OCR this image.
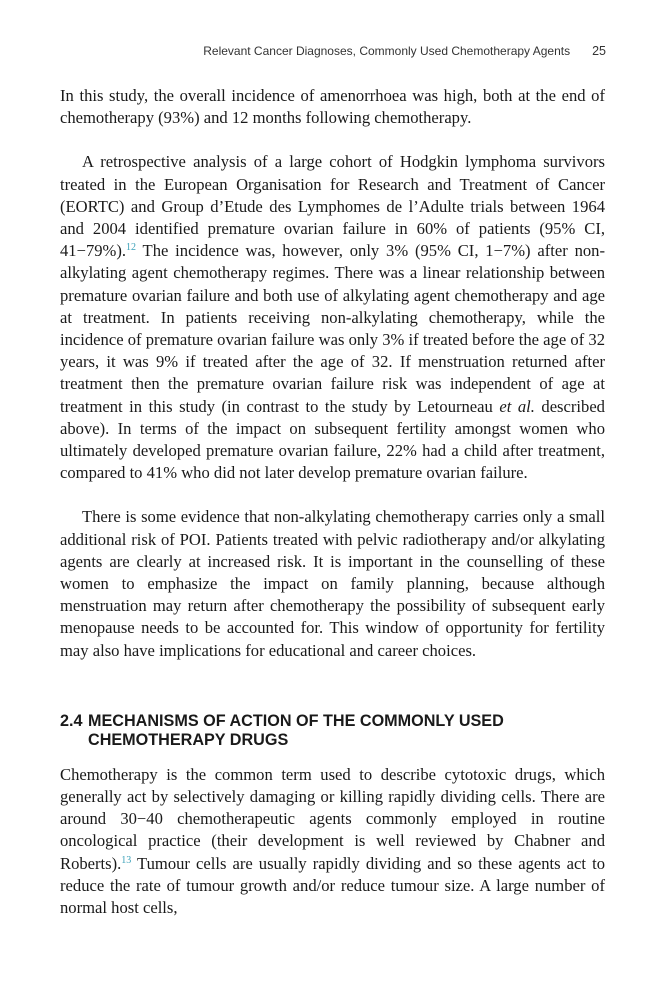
Relevant Cancer Diagnoses, Commonly Used Chemotherapy Agents 25

In this study, the overall incidence of amenorrhoea was high, both at the end of chemotherapy (93%) and 12 months following chemotherapy.

A retrospective analysis of a large cohort of Hodgkin lymphoma survivors treated in the European Organisation for Research and Treatment of Cancer (EORTC) and Group d’Etude des Lymphomes de l’Adulte trials between 1964 and 2004 identified premature ovarian failure in 60% of patients (95% CI, 41−79%).$^{12}$ The incidence was, however, only 3% (95% CI, 1−7%) after non-alkylating agent chemotherapy regimes. There was a linear relationship between premature ovarian failure and both use of alkylating agent chemotherapy and age at treatment. In patients receiving non-alkylating chemotherapy, while the incidence of premature ovarian failure was only 3% if treated before the age of 32 years, it was 9% if treated after the age of 32. If menstruation returned after treatment then the premature ovarian failure risk was independent of age at treatment in this study (in contrast to the study by Letourneau et al. described above). In terms of the impact on subsequent fertility amongst women who ultimately developed premature ovarian failure, 22% had a child after treatment, compared to 41% who did not later develop premature ovarian failure.

There is some evidence that non-alkylating chemotherapy carries only a small additional risk of POI. Patients treated with pelvic radiotherapy and/or alkylating agents are clearly at increased risk. It is important in the counselling of these women to emphasize the impact on family planning, because although menstruation may return after chemotherapy the possibility of subsequent early menopause needs to be accounted for. This window of opportunity for fertility may also have implications for educational and career choices.

2.4 MECHANISMS OF ACTION OF THE COMMONLY USED CHEMOTHERAPY DRUGS

Chemotherapy is the common term used to describe cytotoxic drugs, which generally act by selectively damaging or killing rapidly dividing cells. There are around 30−40 chemotherapeutic agents commonly employed in routine oncological practice (their development is well reviewed by Chabner and Roberts).$^{13}$ Tumour cells are usually rapidly dividing and so these agents act to reduce the rate of tumour growth and/or reduce tumour size. A large number of normal host cells,
